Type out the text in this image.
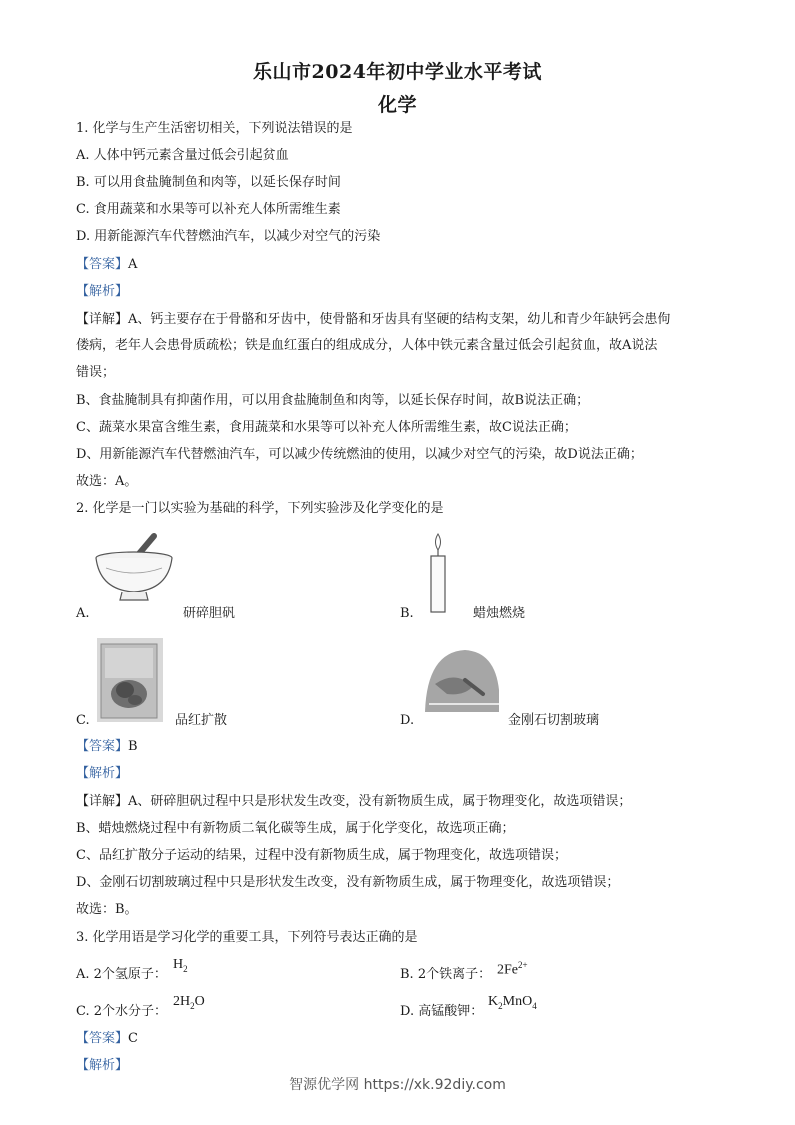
乐山市2024年初中学业水平考试
化学
1. 化学与生产生活密切相关，下列说法错误的是
A. 人体中钙元素含量过低会引起贫血
B. 可以用食盐腌制鱼和肉等，以延长保存时间
C. 食用蔬菜和水果等可以补充人体所需维生素
D. 用新能源汽车代替燃油汽车，以减少对空气的污染
【答案】A
【解析】
【详解】A、钙主要存在于骨骼和牙齿中，使骨骼和牙齿具有坚硬的结构支架，幼儿和青少年缺钙会患佝
偻病，老年人会患骨质疏松；铁是血红蛋白的组成成分，人体中铁元素含量过低会引起贫血，故A说法
错误；
B、食盐腌制具有抑菌作用，可以用食盐腌制鱼和肉等，以延长保存时间，故B说法正确；
C、蔬菜水果富含维生素，食用蔬菜和水果等可以补充人体所需维生素，故C说法正确；
D、用新能源汽车代替燃油汽车，可以减少传统燃油的使用，以减少对空气的污染，故D说法正确；
故选：A。
2. 化学是一门以实验为基础的科学，下列实验涉及化学变化的是
A.	研碎胆矾	B.	蜡烛燃烧
C.	品红扩散	D.	金刚石切割玻璃
【答案】B
【解析】
【详解】A、研碎胆矾过程中只是形状发生改变，没有新物质生成，属于物理变化，故选项错误；
B、蜡烛燃烧过程中有新物质二氧化碳等生成，属于化学变化，故选项正确；
C、品红扩散分子运动的结果，过程中没有新物质生成，属于物理变化，故选项错误；
D、金刚石切割玻璃过程中只是形状发生改变，没有新物质生成，属于物理变化，故选项错误；
故选：B。
3. 化学用语是学习化学的重要工具，下列符号表达正确的是
A. 2个氢原子：
$H_2$	B. 2个铁离子： $2Fe^{2+}$
C. 2个水分子：
$2H_2O$
D. 高锰酸钾：
$K_2MnO_4$
【答案】C
【解析】
智源优学网 https://xk.92diy.com
